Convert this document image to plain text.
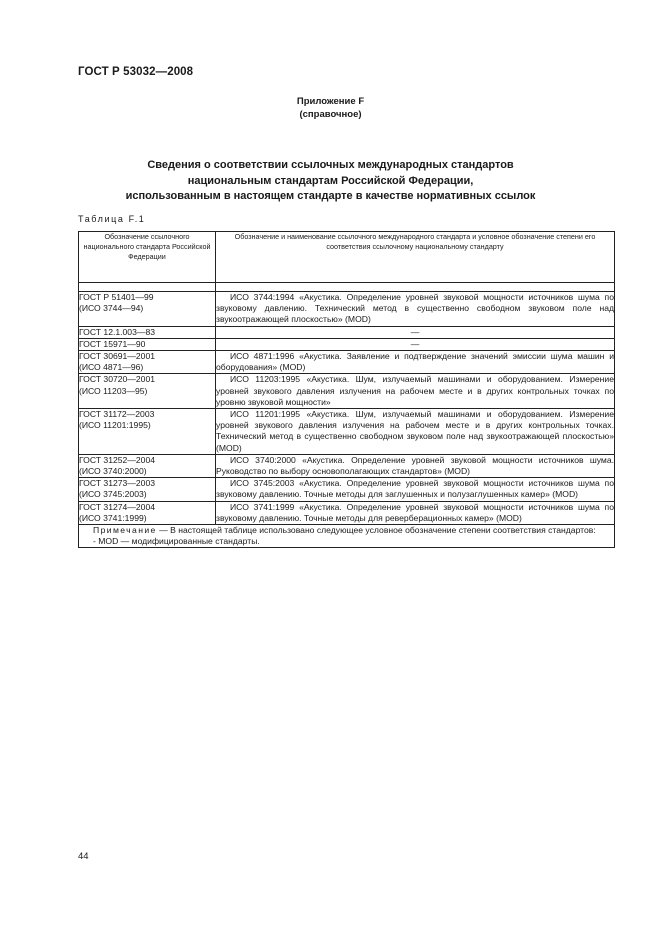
ГОСТ Р 53032—2008
Приложение F
(справочное)
Сведения о соответствии ссылочных международных стандартов
национальным стандартам Российской Федерации,
использованным в настоящем стандарте в качестве нормативных ссылок
Таблица F.1
Обозначение ссылочного национального стандарта Российской Федерации	Обозначение и наименование ссылочного международного стандарта и условное обозначение степени его соответствия ссылочному национальному стандарту

ГОСТ Р 51401—99
(ИСО 3744—94)	ИСО 3744:1994 «Акустика. Определение уровней звуковой мощности источников шума по звуковому давлению. Технический метод в существенно свободном звуковом поле над звукоотражающей плоскостью» (MOD)

ГОСТ 12.1.003—83	—

ГОСТ 15971—90	—

ГОСТ 30691—2001
(ИСО 4871—96)	ИСО 4871:1996 «Акустика. Заявление и подтверждение значений эмиссии шума машин и оборудования» (MOD)

ГОСТ 30720—2001
(ИСО 11203—95)	ИСО 11203:1995 «Акустика. Шум, излучаемый машинами и оборудованием. Измерение уровней звукового давления излучения на рабочем месте и в других контрольных точках по уровню звуковой мощности»

ГОСТ 31172—2003
(ИСО 11201:1995)	ИСО 11201:1995 «Акустика. Шум, излучаемый машинами и оборудованием. Измерение уровней звукового давления излучения на рабочем месте и в других контрольных точках. Технический метод в существенно свободном звуковом поле над звукоотражающей плоскостью» (MOD)

ГОСТ 31252—2004
(ИСО 3740:2000)	ИСО 3740:2000 «Акустика. Определение уровней звуковой мощности источников шума. Руководство по выбору основополагающих стандартов» (MOD)

ГОСТ 31273—2003
(ИСО 3745:2003)	ИСО 3745:2003 «Акустика. Определение уровней звуковой мощности источников шума по звуковому давлению. Точные методы для заглушенных и полузаглушенных камер» (MOD)

ГОСТ 31274—2004
(ИСО 3741:1999)	ИСО 3741:1999 «Акустика. Определение уровней звуковой мощности источников шума по звуковому давлению. Точные методы для реверберационных камер» (MOD)

Примечание — В настоящей таблице использовано следующее условное обозначение степени соответствия стандартов:
- MOD — модифицированные стандарты.	
44
